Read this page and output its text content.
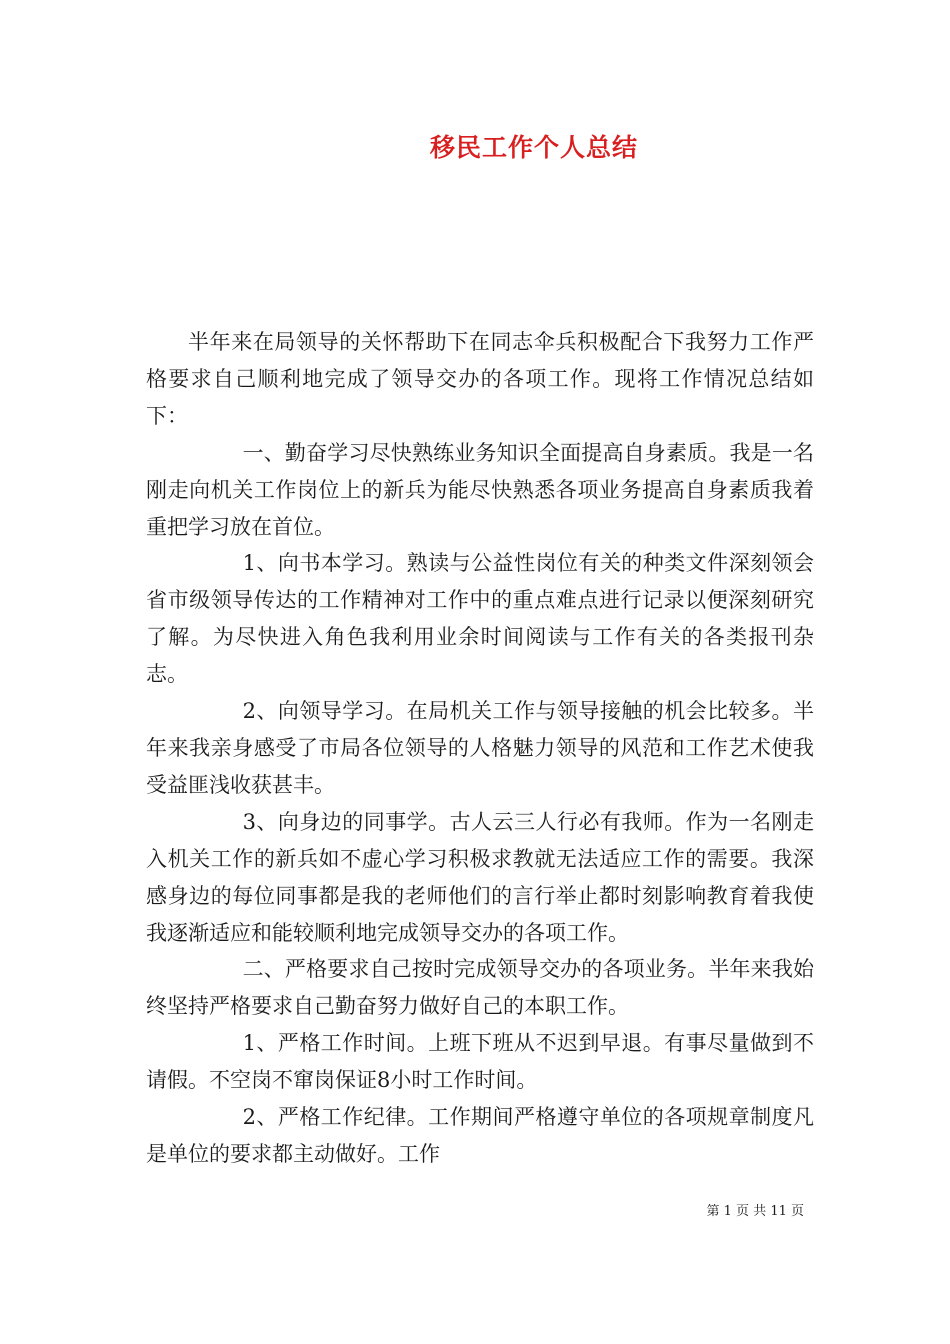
移民工作个人总结

半年来在局领导的关怀帮助下在同志伞兵积极配合下我努力工作严格要求自己顺利地完成了领导交办的各项工作。现将工作情况总结如下：

一、勤奋学习尽快熟练业务知识全面提高自身素质。我是一名刚走向机关工作岗位上的新兵为能尽快熟悉各项业务提高自身素质我着重把学习放在首位。

1、向书本学习。熟读与公益性岗位有关的种类文件深刻领会省市级领导传达的工作精神对工作中的重点难点进行记录以便深刻研究了解。为尽快进入角色我利用业余时间阅读与工作有关的各类报刊杂志。

2、向领导学习。在局机关工作与领导接触的机会比较多。半年来我亲身感受了市局各位领导的人格魅力领导的风范和工作艺术使我受益匪浅收获甚丰。

3、向身边的同事学。古人云三人行必有我师。作为一名刚走入机关工作的新兵如不虚心学习积极求教就无法适应工作的需要。我深感身边的每位同事都是我的老师他们的言行举止都时刻影响教育着我使我逐渐适应和能较顺利地完成领导交办的各项工作。

二、严格要求自己按时完成领导交办的各项业务。半年来我始终坚持严格要求自己勤奋努力做好自己的本职工作。

1、严格工作时间。上班下班从不迟到早退。有事尽量做到不请假。不空岗不窜岗保证8小时工作时间。

2、严格工作纪律。工作期间严格遵守单位的各项规章制度凡是单位的要求都主动做好。工作

第 1 页 共 11 页
